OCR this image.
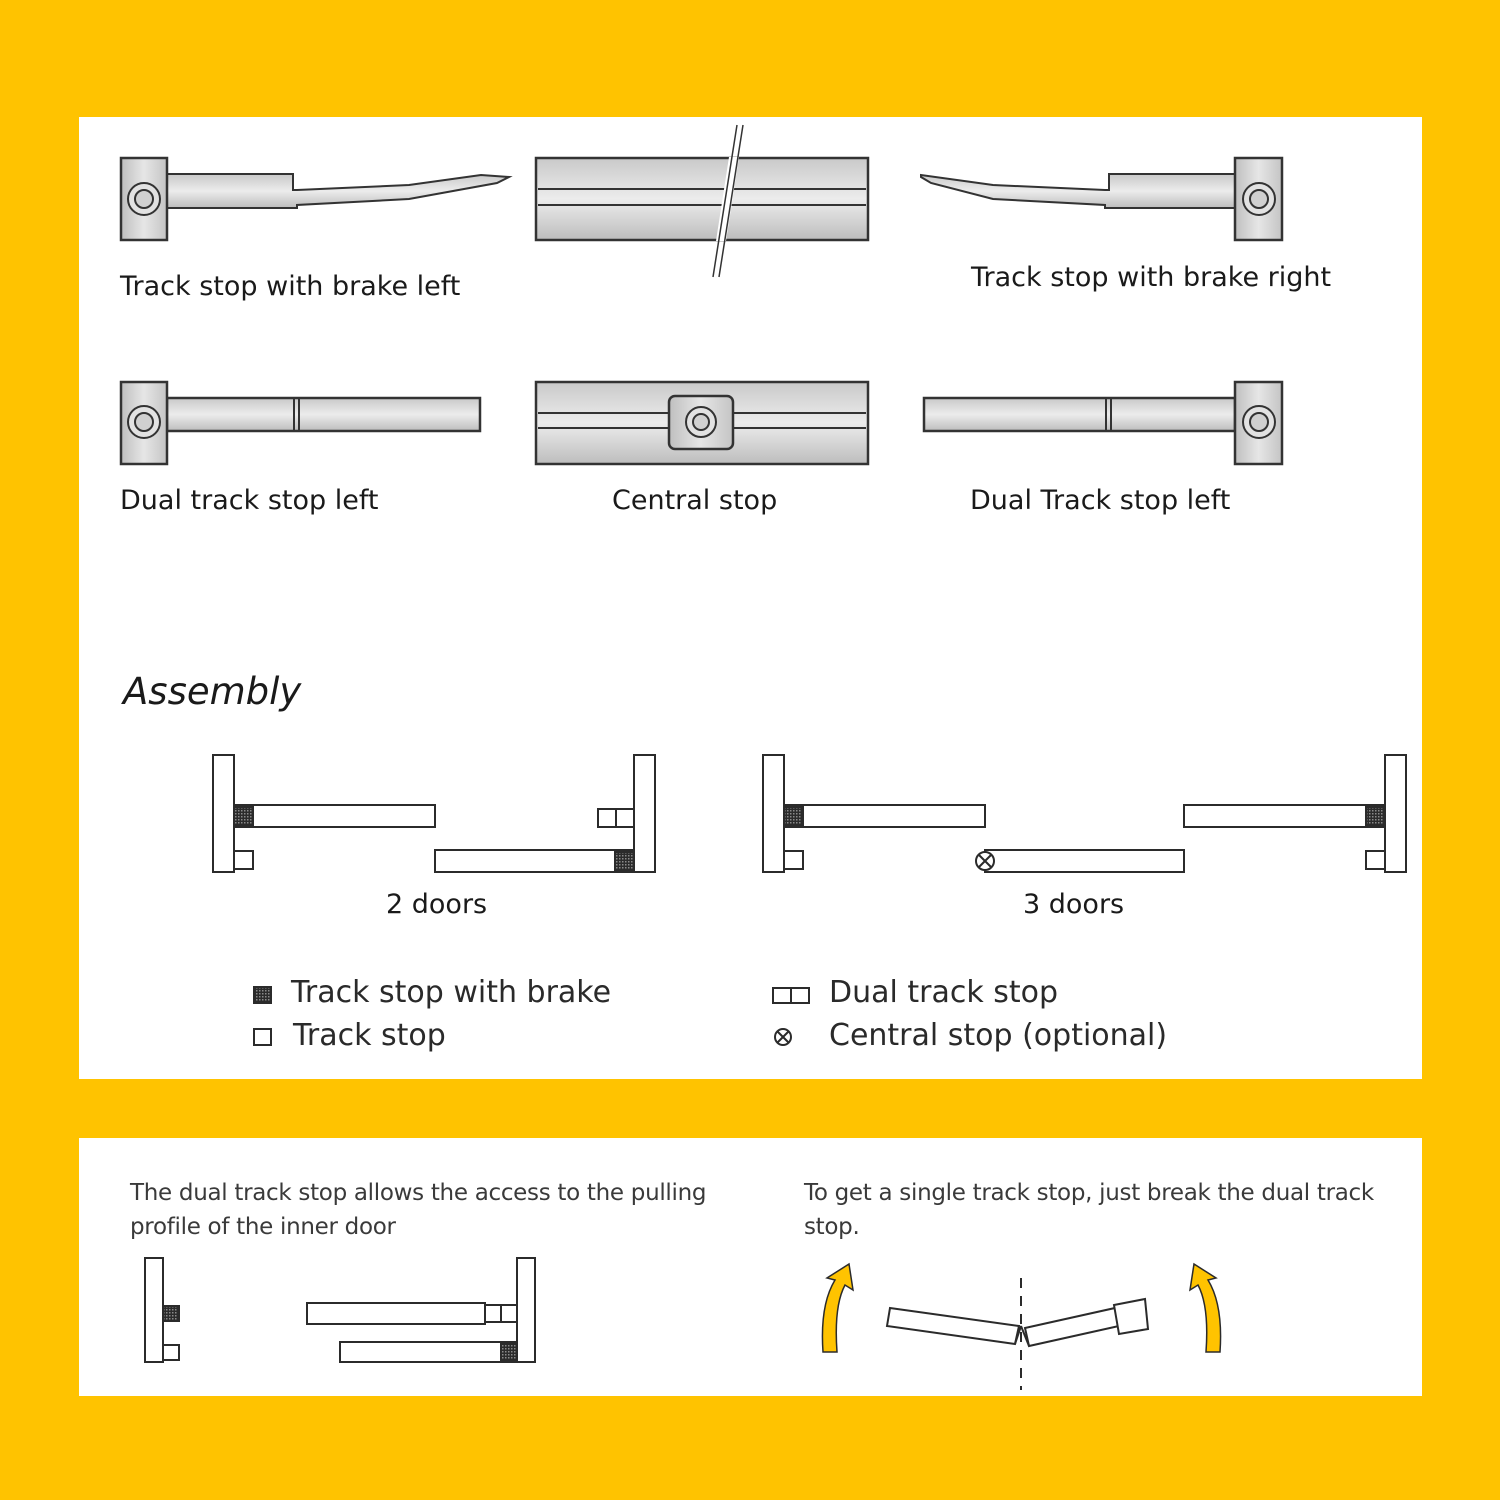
Track stop with brake left	Track stop with brake right
Dual track stop left	Central stop	Dual Track stop left
Assembly
2 doors	3 doors
Track stop with brake
Track stop
Dual track stop
Central stop (optional)
The dual track stop allows the access to the pulling profile of the inner door
To get a single track stop, just break the dual track stop.
